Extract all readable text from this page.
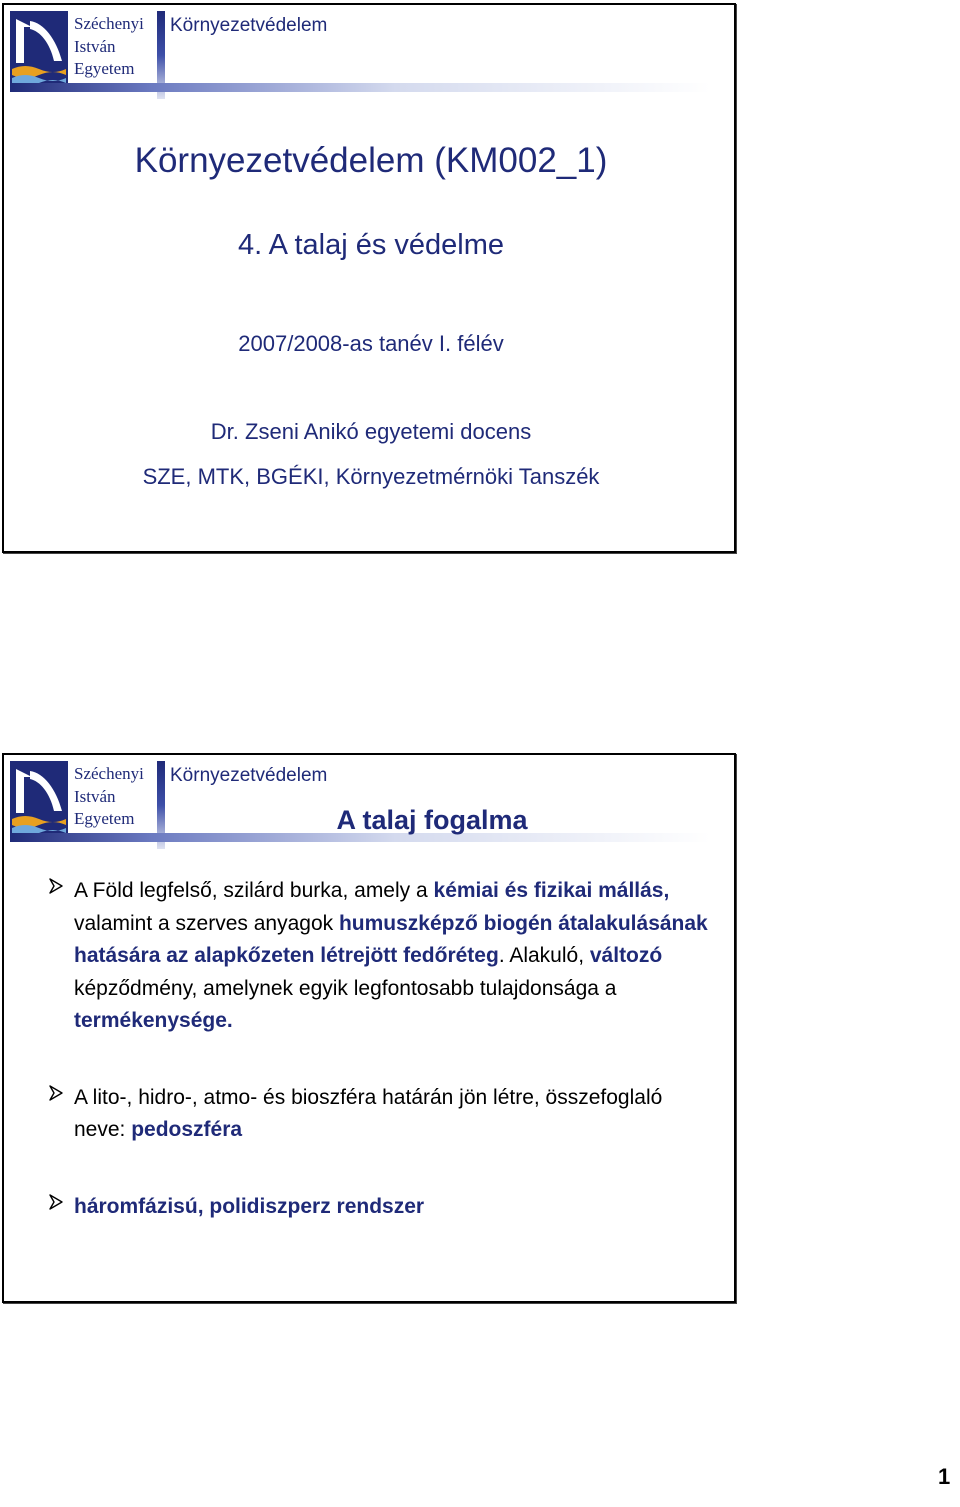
Széchenyi
István
Egyetem
Környezetvédelem
Környezetvédelem (KM002_1)
4. A talaj és védelme
2007/2008-as tanév I. félév
Dr. Zseni Anikó egyetemi docens
SZE, MTK, BGÉKI, Környezetmérnöki Tanszék
Széchenyi
István
Egyetem
Környezetvédelem
A talaj fogalma

A Föld legfelső, szilárd burka, amely a kémiai és fizikai mállás, valamint a szerves anyagok humuszképző biogén átalakulásának hatására az alapkőzeten létrejött fedőréteg. Alakuló, változó képződmény, amelynek egyik legfontosabb tulajdonsága a termékenysége.

A lito-, hidro-, atmo- és bioszféra határán jön létre, összefoglaló neve: pedoszféra

háromfázisú, polidiszperz rendszer

1
